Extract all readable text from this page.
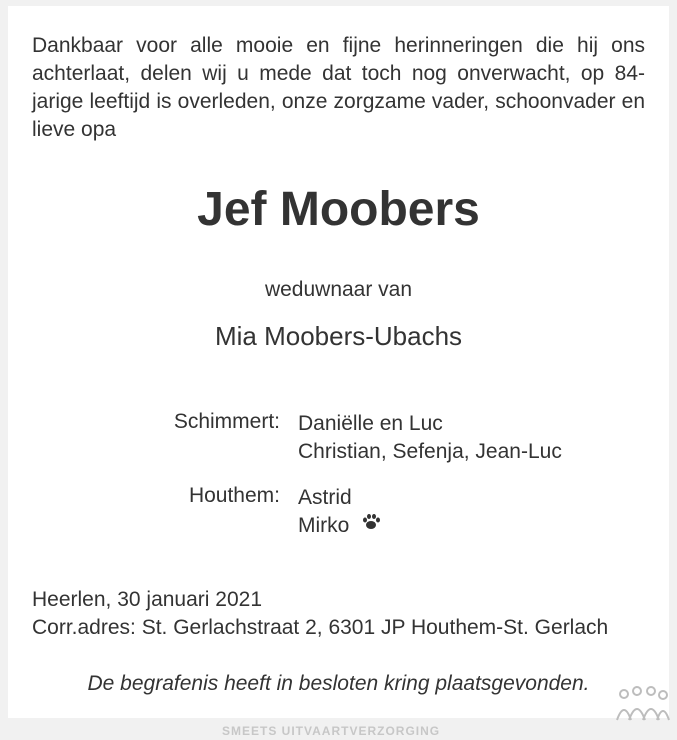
Dankbaar voor alle mooie en fijne herinneringen die hij ons achterlaat, delen wij u mede dat toch nog onverwacht, op 84-jarige leeftijd is overleden, onze zorgzame vader, schoonvader en lieve opa
Jef Moobers
weduwnaar van
Mia Moobers-Ubachs
Schimmert: Daniëlle en Luc
Christian, Sefenja, Jean-Luc
Houthem: Astrid
Mirko
Heerlen, 30 januari 2021
Corr.adres: St. Gerlachstraat 2, 6301 JP Houthem-St. Gerlach
De begrafenis heeft in besloten kring plaatsgevonden.
SMEETS UITVAARTVERZORGING
